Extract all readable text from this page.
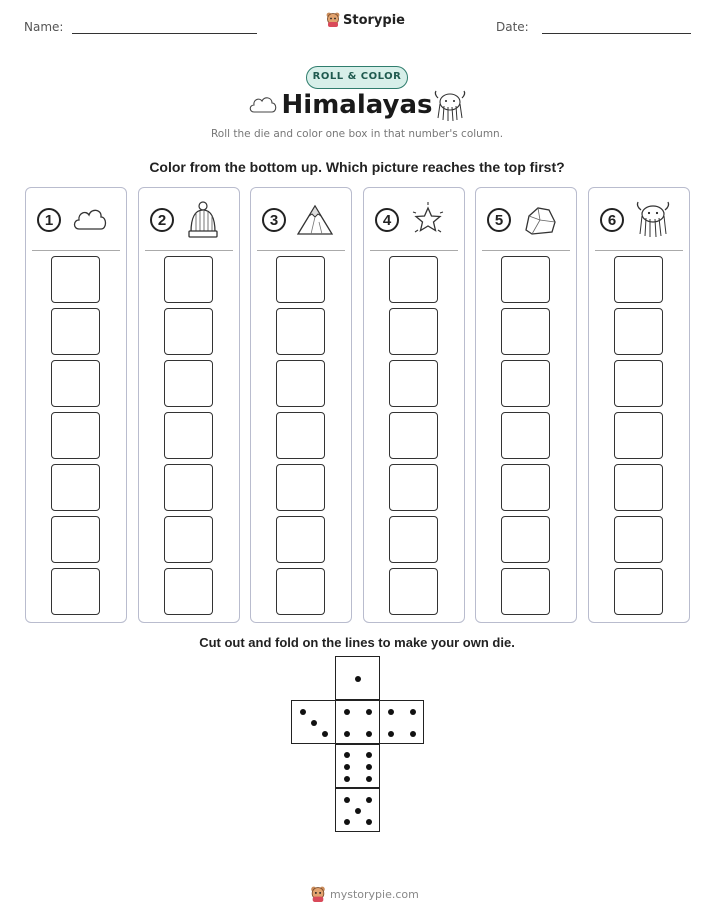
Name:	Storypie	Date:
ROLL & COLOR
Himalayas
Roll the die and color one box in that number's column.
Color from the bottom up. Which picture reaches the top first?
1	2	3	4	5	6
Cut out and fold on the lines to make your own die.
mystorypie.com
